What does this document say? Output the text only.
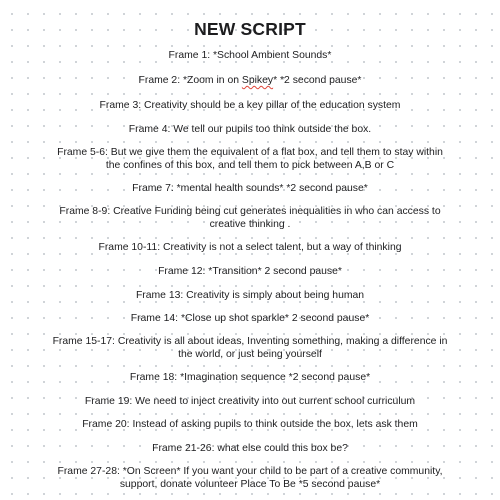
NEW SCRIPT
Frame 1: *School Ambient Sounds*
Frame 2: *Zoom in on Spikey* *2 second pause*
Frame 3: Creativity should be a key pillar of the education system
Frame 4: We tell our pupils too think outside the box.
Frame 5-6: But we give them the equivalent of a flat box, and tell them to stay within the confines of this box, and tell them to pick between A,B or C
Frame 7: *mental health sounds* *2 second pause*
Frame 8-9: Creative Funding being cut generates inequalities in who can access to creative thinking .
Frame 10-11: Creativity is not a select talent, but a way of thinking
Frame 12: *Transition* 2 second pause*
Frame 13: Creativity is simply about being human
Frame 14: *Close up shot sparkle* 2 second pause*
Frame 15-17: Creativity is all about ideas, Inventing something, making a difference in the world, or just being yourself
Frame 18: *Imagination sequence *2 second pause*
Frame 19: We need to inject creativity into out current school curriculum
Frame 20: Instead of asking pupils to think outside the box, lets ask them
Frame 21-26: what else could this box be?
Frame 27-28: *On Screen* If you want your child to be part of a creative community, support, donate volunteer Place To Be *5 second pause*
